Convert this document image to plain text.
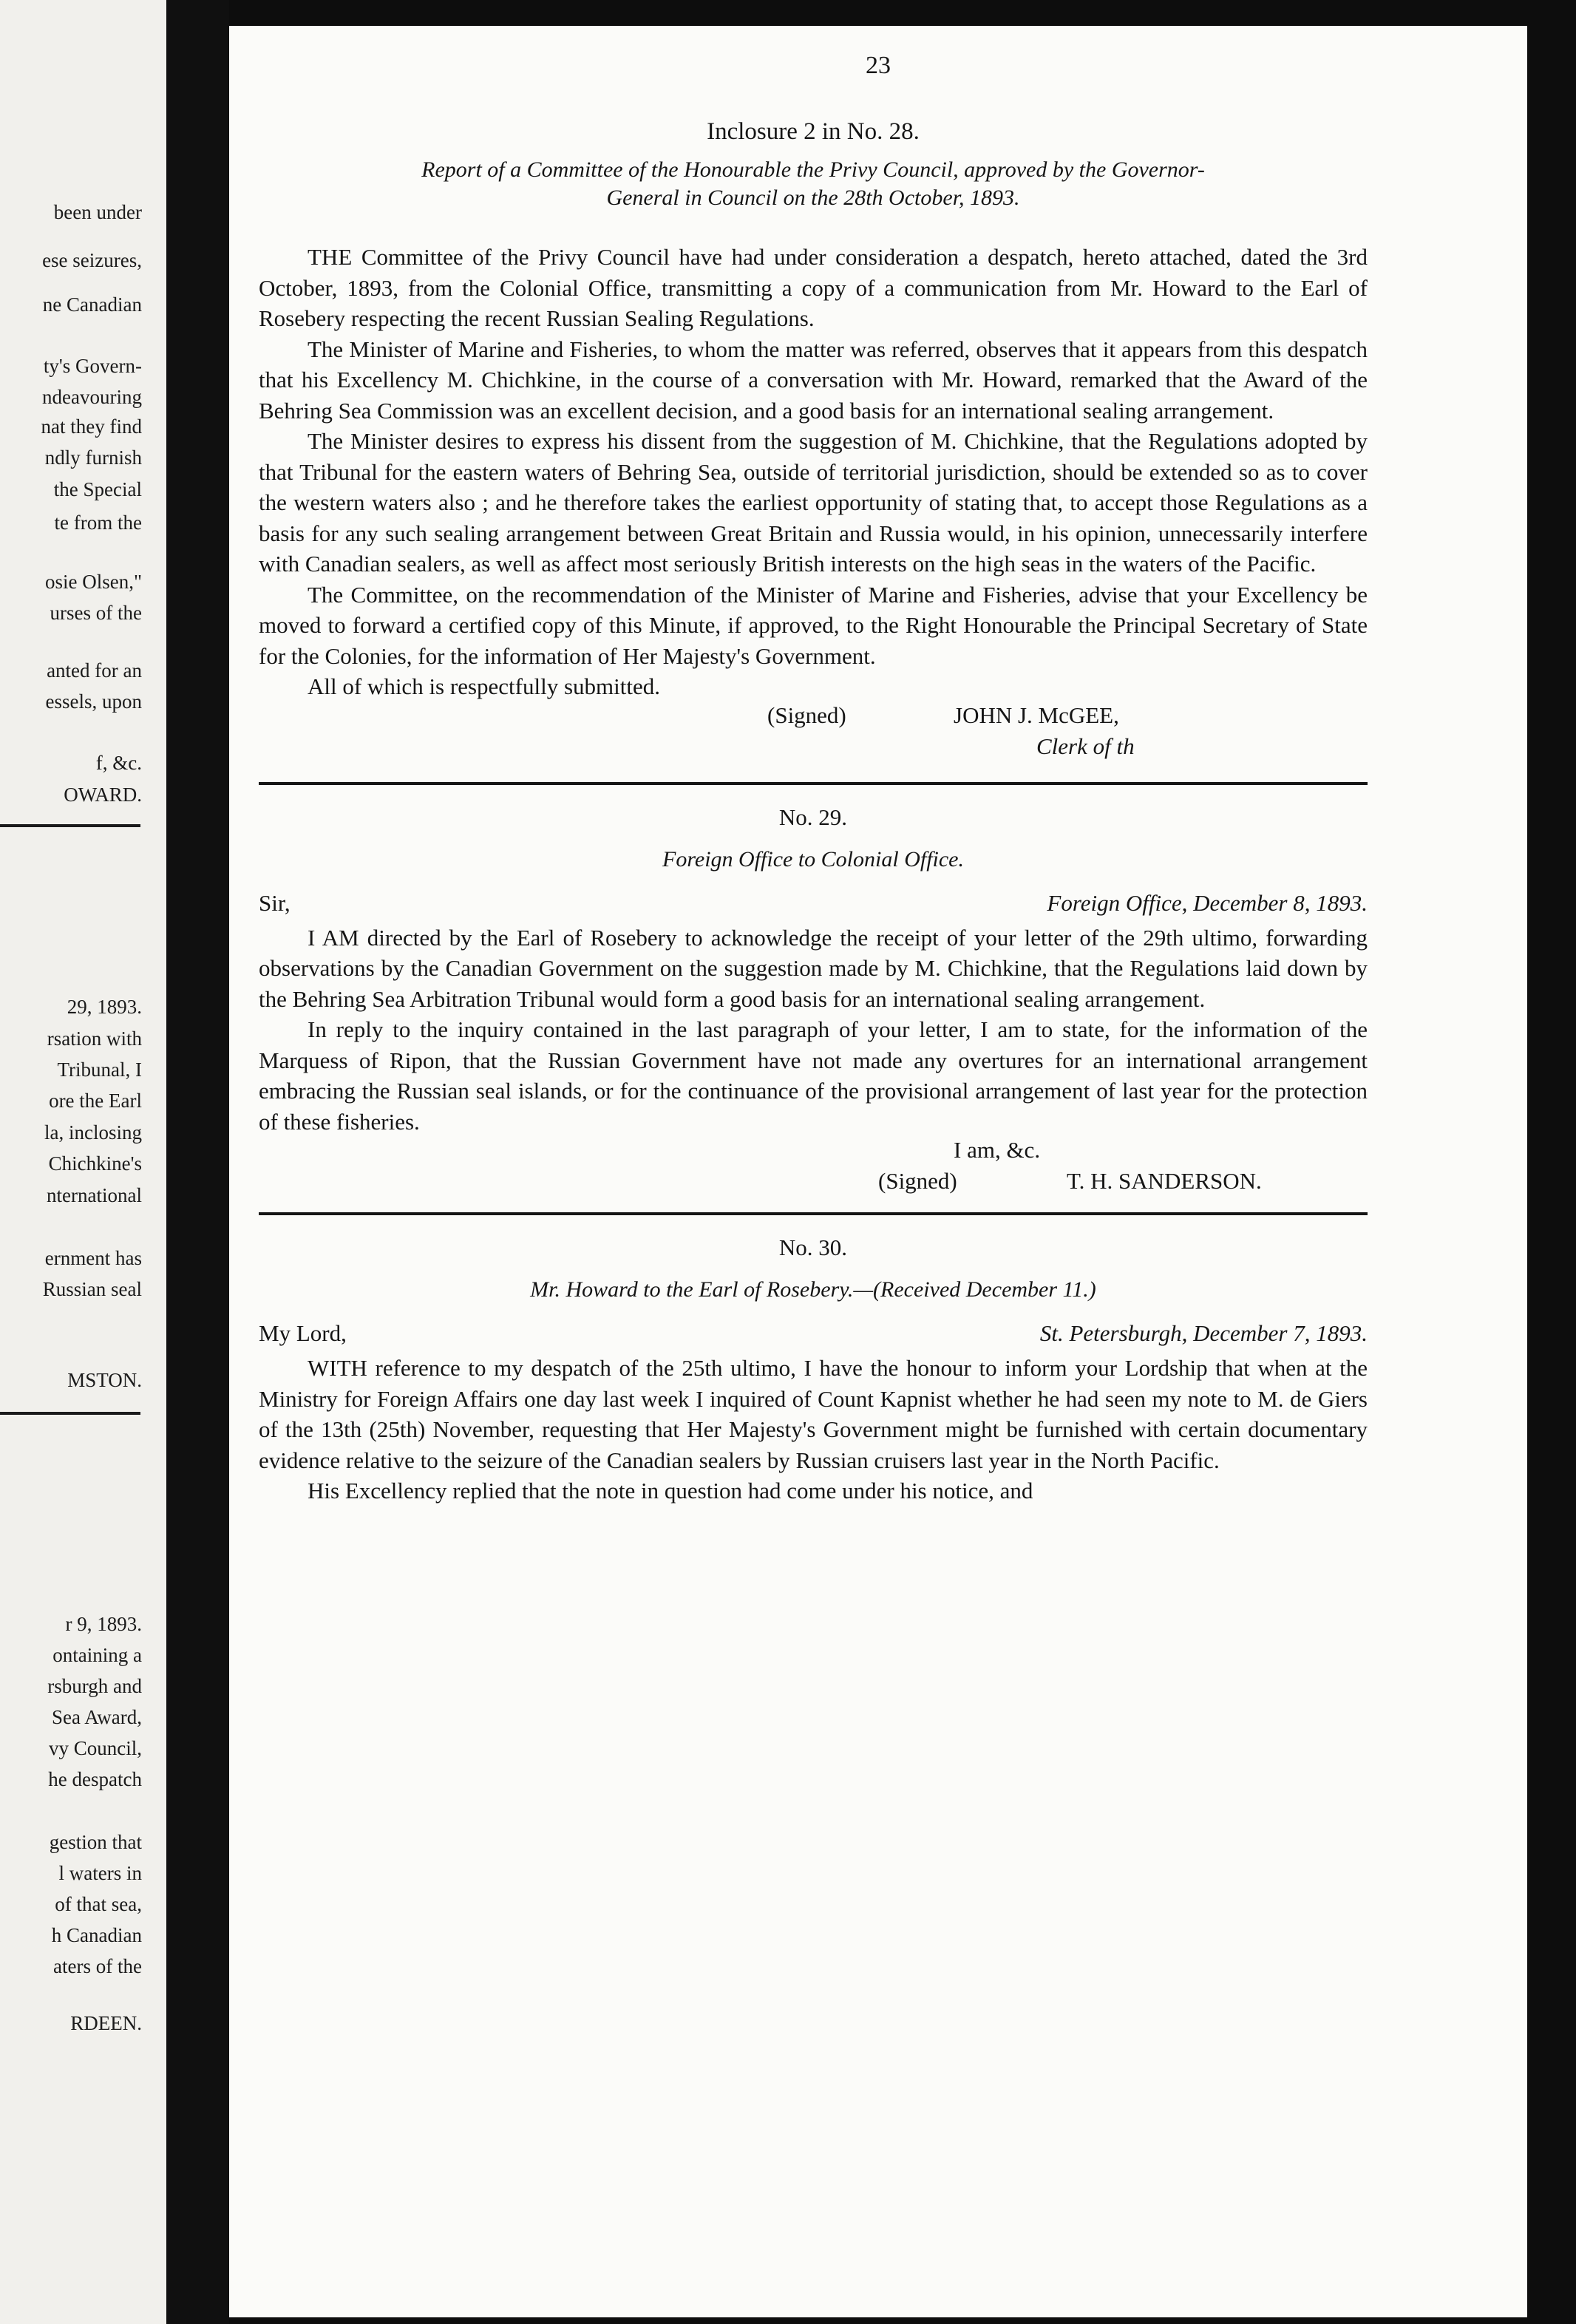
been under
ese seizures,
ne Canadian
ty's Govern-
ndeavouring
nat they find
ndly furnish
the Special
te from the
osie Olsen,"
urses of the
anted for an
essels, upon
f, &c.
OWARD.
29, 1893.
rsation with
Tribunal, I
ore the Earl
la, inclosing
Chichkine's
nternational
ernment has
Russian seal
MSTON.
r 9, 1893.
ontaining a
rsburgh and
Sea Award,
vy Council,
he despatch
gestion that
l waters in
of that sea,
h Canadian
aters of the
RDEEN.
23
Inclosure 2 in No. 28.
Report of a Committee of the Honourable the Privy Council, approved by the Governor-
General in Council on the 28th October, 1893.

THE Committee of the Privy Council have had under consideration a despatch, hereto attached, dated the 3rd October, 1893, from the Colonial Office, transmitting a copy of a communication from Mr. Howard to the Earl of Rosebery respecting the recent Russian Sealing Regulations.

The Minister of Marine and Fisheries, to whom the matter was referred, observes that it appears from this despatch that his Excellency M. Chichkine, in the course of a conversation with Mr. Howard, remarked that the Award of the Behring Sea Commission was an excellent decision, and a good basis for an international sealing arrangement.

The Minister desires to express his dissent from the suggestion of M. Chichkine, that the Regulations adopted by that Tribunal for the eastern waters of Behring Sea, outside of territorial jurisdiction, should be extended so as to cover the western waters also ; and he therefore takes the earliest opportunity of stating that, to accept those Regulations as a basis for any such sealing arrangement between Great Britain and Russia would, in his opinion, unnecessarily interfere with Canadian sealers, as well as affect most seriously British interests on the high seas in the waters of the Pacific.

The Committee, on the recommendation of the Minister of Marine and Fisheries, advise that your Excellency be moved to forward a certified copy of this Minute, if approved, to the Right Honourable the Principal Secretary of State for the Colonies, for the information of Her Majesty's Government.

All of which is respectfully submitted.

(Signed)	JOHN J. McGEE,
Clerk of th
No. 29.
Foreign Office to Colonial Office.
Sir,	Foreign Office, December 8, 1893.

I AM directed by the Earl of Rosebery to acknowledge the receipt of your letter of the 29th ultimo, forwarding observations by the Canadian Government on the suggestion made by M. Chichkine, that the Regulations laid down by the Behring Sea Arbitration Tribunal would form a good basis for an international sealing arrangement.

In reply to the inquiry contained in the last paragraph of your letter, I am to state, for the information of the Marquess of Ripon, that the Russian Government have not made any overtures for an international arrangement embracing the Russian seal islands, or for the continuance of the provisional arrangement of last year for the protection of these fisheries.

I am, &c.
(Signed)	T. H. SANDERSON.
No. 30.
Mr. Howard to the Earl of Rosebery.—(Received December 11.)
My Lord,	St. Petersburgh, December 7, 1893.

WITH reference to my despatch of the 25th ultimo, I have the honour to inform your Lordship that when at the Ministry for Foreign Affairs one day last week I inquired of Count Kapnist whether he had seen my note to M. de Giers of the 13th (25th) November, requesting that Her Majesty's Government might be furnished with certain documentary evidence relative to the seizure of the Canadian sealers by Russian cruisers last year in the North Pacific.

His Excellency replied that the note in question had come under his notice, and
